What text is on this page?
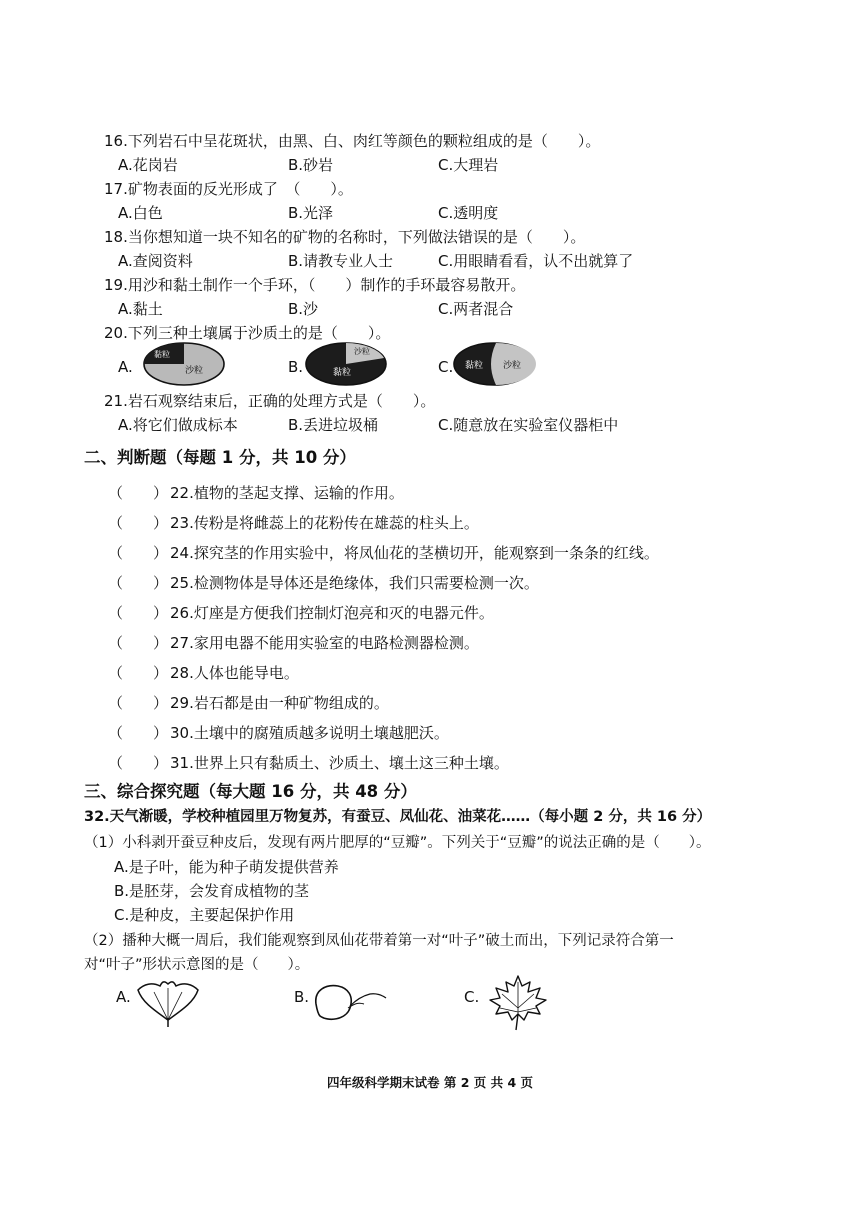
16.下列岩石中呈花斑状，由黑、白、肉红等颜色的颗粒组成的是（　　）。
A.花岗岩	B.砂岩	C.大理岩
17.矿物表面的反光形成了　（　　）。
A.白色	B.光泽	C.透明度
18.当你想知道一块不知名的矿物的名称时，下列做法错误的是（　　）。
A.查阅资料	B.请教专业人士	C.用眼睛看看，认不出就算了
19.用沙和黏土制作一个手环，（　　）制作的手环最容易散开。
A.黏土	B.沙	C.两者混合
20.下列三种土壤属于沙质土的是（　　）。
A.
黏粒
沙粒	B.
沙粒
黏粒	C. 黏粒 沙粒
21.岩石观察结束后，正确的处理方式是（　　）。
A.将它们做成标本	B.丢进垃圾桶	C.随意放在实验室仪器柜中
二、判断题（每题 1 分，共 10 分）
（　　） 22.植物的茎起支撑、运输的作用。
（　　） 23.传粉是将雌蕊上的花粉传在雄蕊的柱头上。
（　　） 24.探究茎的作用实验中，将凤仙花的茎横切开，能观察到一条条的红线。
（　　） 25.检测物体是导体还是绝缘体，我们只需要检测一次。
（　　） 26.灯座是方便我们控制灯泡亮和灭的电器元件。
（　　） 27.家用电器不能用实验室的电路检测器检测。
（　　） 28.人体也能导电。
（　　） 29.岩石都是由一种矿物组成的。
（　　） 30.土壤中的腐殖质越多说明土壤越肥沃。
（　　） 31.世界上只有黏质土、沙质土、壤土这三种土壤。
三、综合探究题（每大题 16 分，共 48 分）
32.天气渐暖，学校种植园里万物复苏，有蚕豆、凤仙花、油菜花……（每小题 2 分，共 16 分）
（1）小科剥开蚕豆种皮后，发现有两片肥厚的“豆瓣”。下列关于“豆瓣”的说法正确的是（　　）。
A.是子叶，能为种子萌发提供营养
B.是胚芽，会发育成植物的茎
C.是种皮，主要起保护作用
（2）播种大概一周后，我们能观察到凤仙花带着第一对“叶子”破土而出，下列记录符合第一
对“叶子”形状示意图的是（　　）。
A.	B.	C.
四年级科学期末试卷 第 2 页 共 4 页
